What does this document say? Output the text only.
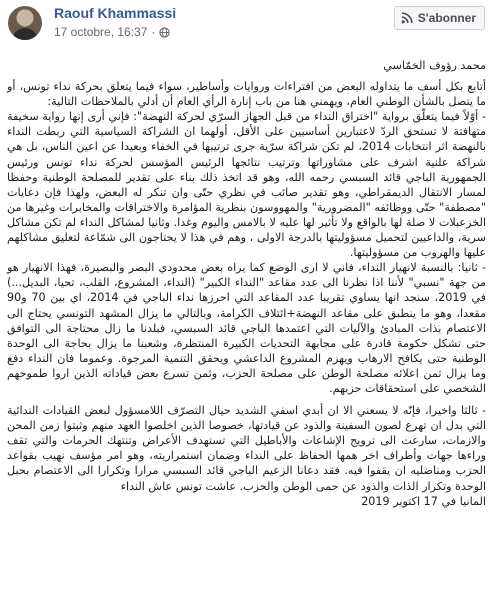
Raouf Khammassi
17 octobre, 16:37 ·
S'abonner

محمد رؤوف الخمّاسي

أتابع بكل أسف ما يتداوله البعض من افتراءات وروايات وأساطير، سواء فيما يتعلق بحركة نداء تونس، أو ما يتصل بالشأن الوطني العام، ويهمني هنا من باب إنارة الرأي العام أن أدلي بالملاحظات التالية:

- أوّلاً فيما يتعلّق برواية "اختراق النداء من قبل الجهاز السرّي لحركة النهضة": فإني أرى إنها رواية سخيفة متهافتة لا تستحق الردّ لاعتبارين أساسيين على الأقل، أولهما ان الشراكة السياسية التي ربطت النداء بالنهضة اثر انتخابات 2014، لم تكن شراكة سرّية جرى ترتيبها في الخفاء وبعيدا عن اعين الناس، بل هي شراكة علنية اشرف على مشاوراتها وترتيب نتائجها الرئيس المؤسس لحركة نداء تونس ورئيس الجمهورية الباجي قائد السبسي رحمه الله، وهو قد اتخذ ذلك بناء على تقدير للمصلحة الوطنية وحفظا لمسار الانتقال الديمقراطي، وهو تقدير صائب في نظري حتّى وان تنكر له البعض، ولهذا فإن دعايات "مصطفة" حتّى ووظائفه "المضرورية" والمهووسون بنظرية المؤامرة والاختراقات والمخابرات وغيرها من الخزعبلات لا صلة لها بالواقع ولا تأثير لها عليه لا بالامس واليوم وغدا. وثانيا لمشاكل النداء لم تكن مشاكل سرية، والداعيين لتحميل مسؤوليتها بالدرجة الاولى ، وهم في هذا لا يحتاجون الى شمّاعة لتعليق مشاكلهم عليها والهروب من مسؤوليتها.

- ثانيا: بالنسبة لانهيار النداء، فاني لا ارى الوضع كما يراه بعض محدودي البصر والبصيرة، فهذا الانهيار هو من جهة "نسبي" لأننا اذا نظرنا الى عدد مقاعد "النداء الكبير" (النداء، المشروع، القلب، تحيا، البديل...) في 2019، سنجد انها يساوي تقريبا عدد المقاعد التي احرزها نداء الباجي في 2014، اي بين 70 و90 مقعدا، وهو ما ينطبق على مقاعد النهضة+ائتلاف الكرامة، وبالتالي ما يزال المشهد التونسي يحتاج الى الاعتصام بذات المبادئ والآليات التي اعتمدها الباجي قائد السبسي، فبلدنا ما زال محتاجة الى التوافق حتى تشكل حكومة قادرة على مجابهة التحديات الكبيرة المنتظرة، وشعبنا ما يزال بحاجة الى الوحدة الوطنية حتى يكافح الارهاب ويهزم المشروع الداعشي ويحقق التنمية المرجوة. وعموما فان النداء دفع وما يزال ثمن اعلائه مصلحة الوطن على مصلحة الحزب، وثمن تسرع بعض قياداته الذين اروا طموحهم الشخصي على استحقاقات حزبهم.

- ثالثا واخيرا، فإنّه لا يسعني الا ان أبدي اسفي الشديد حيال التصرّف اللامسؤول لبعض القيادات الندائية التي بدل ان تهرع لصون السفينة والذود عن قيادتها، خصوصا الذين اخلصوا العهد منهم وثبتوا زمن المحن والازمات، سارعت الى ترويج الإشاعات والأباطيل التي تستهدف الأعراض وتنتهك الحرمات والتي تقف وراءها جهات وأطراف اخر همها الحفاظ على النداء وضمان استمراريته، وهو امر مؤسف نهيب بقواعد الحزب ومناضليه ان يقفوا فيه. فقد دعانا الزعيم الباجي قائد السبسي مرارا وتكرارا الى الاعتصام بحبل الوحدة وتكرار الذات والذود عن حمى الوطن والحزب. عاشت تونس عاش النداء

المانيا في 17 اكتوبر 2019
